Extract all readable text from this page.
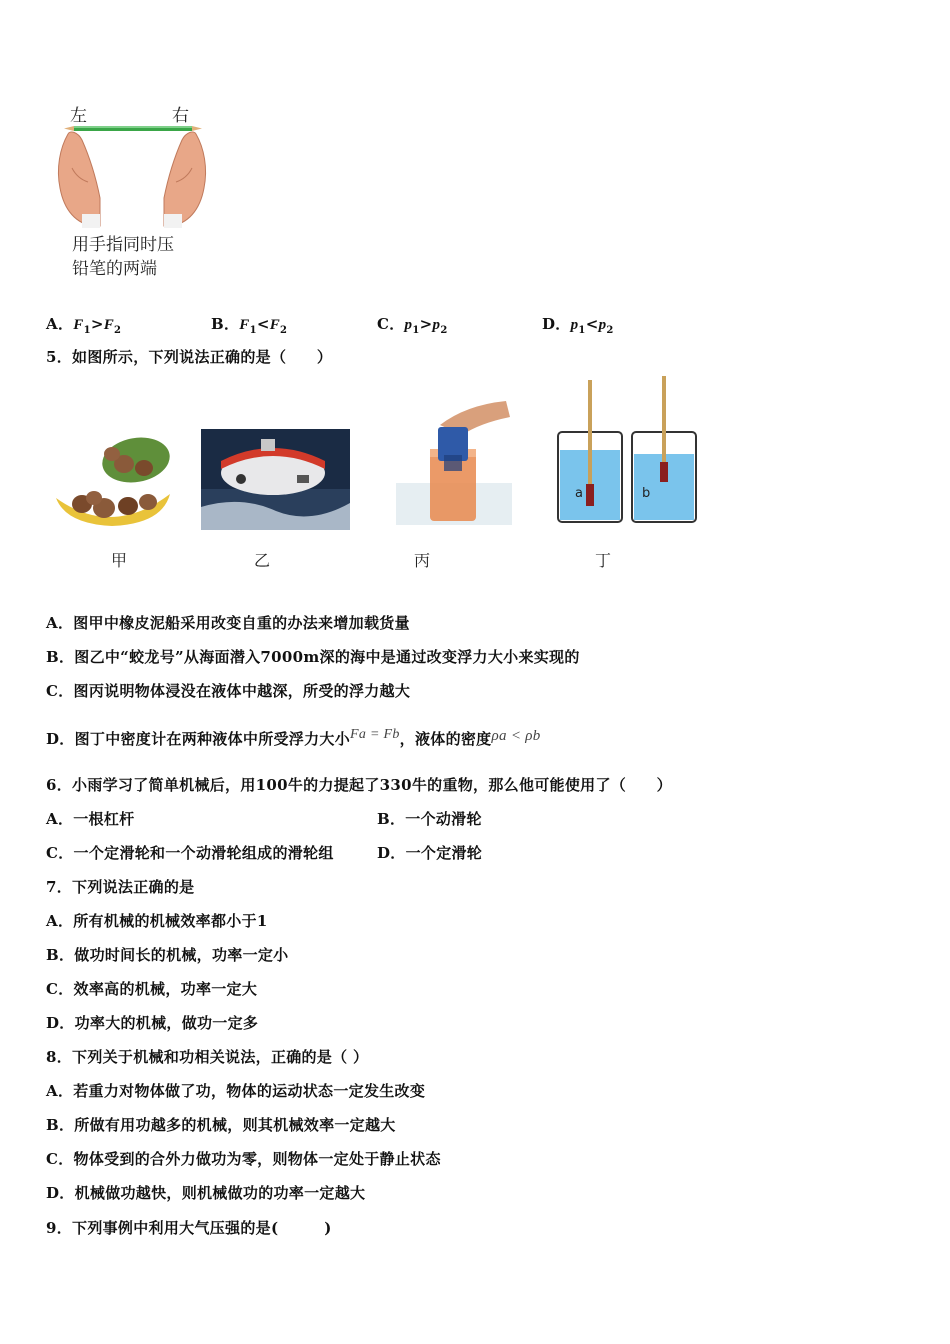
左	右
用手指同时压
铅笔的两端
A．$F_1>F_2$	B．$F_1<F_2$	C．$p_1>p_2$	D．$p_1<p_2$
5．如图所示，下列说法正确的是（　　）
a	b
甲	乙	丙	丁
A．图甲中橡皮泥船采用改变自重的办法来增加载货量
B．图乙中“蛟龙号”从海面潜入7000m深的海中是通过改变浮力大小来实现的
C．图丙说明物体浸没在液体中越深，所受的浮力越大
D．图丁中密度计在两种液体中所受浮力大小Fa = Fb，液体的密度ρa < ρb
6．小雨学习了简单机械后，用100牛的力提起了330牛的重物，那么他可能使用了（　　）
A．一根杠杆	B．一个动滑轮
C．一个定滑轮和一个动滑轮组成的滑轮组	D．一个定滑轮
7．下列说法正确的是
A．所有机械的机械效率都小于1
B．做功时间长的机械，功率一定小
C．效率高的机械，功率一定大
D．功率大的机械，做功一定多
8．下列关于机械和功相关说法，正确的是（ ）
A．若重力对物体做了功，物体的运动状态一定发生改变
B．所做有用功越多的机械，则其机械效率一定越大
C．物体受到的合外力做功为零，则物体一定处于静止状态
D．机械做功越快，则机械做功的功率一定越大
9．下列事例中利用大气压强的是(　　　)
